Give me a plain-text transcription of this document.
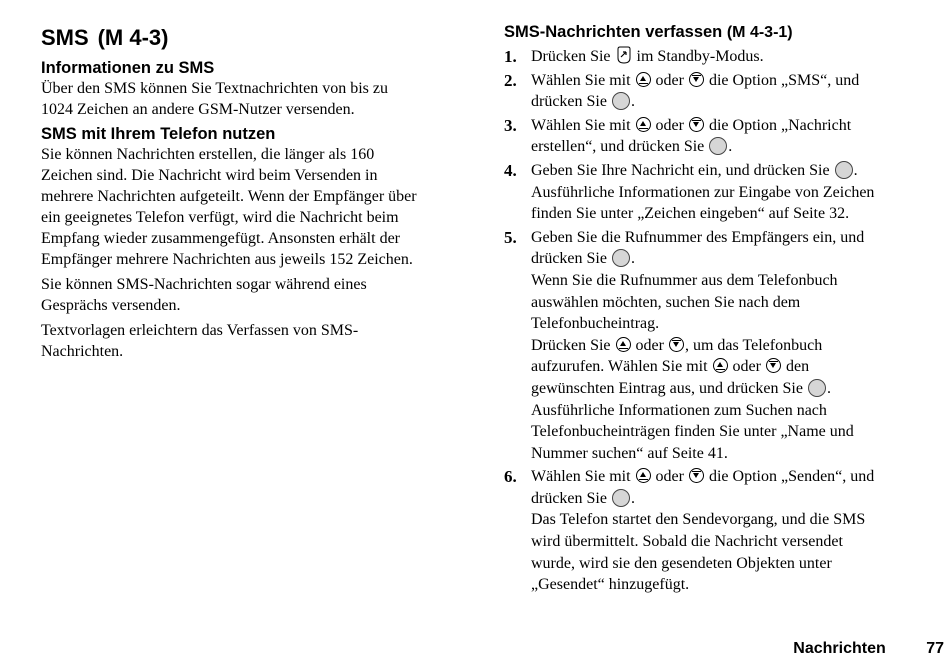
SMS (M 4-3)
Informationen zu SMS

Über den SMS können Sie Textnachrichten von bis zu
1024 Zeichen an andere GSM-Nutzer versenden.

SMS mit Ihrem Telefon nutzen

Sie können Nachrichten erstellen, die länger als 160
Zeichen sind. Die Nachricht wird beim Versenden in
mehrere Nachrichten aufgeteilt. Wenn der Empfänger über
ein geeignetes Telefon verfügt, wird die Nachricht beim
Empfang wieder zusammengefügt. Ansonsten erhält der
Empfänger mehrere Nachrichten aus jeweils 152 Zeichen.

Sie können SMS-Nachrichten sogar während eines
Gesprächs versenden.

Textvorlagen erleichtern das Verfassen von SMS-
Nachrichten.

SMS-Nachrichten verfassen (M 4-3-1)
1. Drücken Sie im Standby-Modus.
2. Wählen Sie mit oder die Option „SMS“, und
drücken Sie .
3. Wählen Sie mit oder die Option „Nachricht
erstellen“, und drücken Sie .
4. Geben Sie Ihre Nachricht ein, und drücken Sie .
Ausführliche Informationen zur Eingabe von Zeichen
finden Sie unter „Zeichen eingeben“ auf Seite 32.
5. Geben Sie die Rufnummer des Empfängers ein, und
drücken Sie .
Wenn Sie die Rufnummer aus dem Telefonbuch
auswählen möchten, suchen Sie nach dem
Telefonbucheintrag.
Drücken Sie oder , um das Telefonbuch
aufzurufen. Wählen Sie mit oder den
gewünschten Eintrag aus, und drücken Sie .
Ausführliche Informationen zum Suchen nach
Telefonbucheinträgen finden Sie unter „Name und
Nummer suchen“ auf Seite 41.
6. Wählen Sie mit oder die Option „Senden“, und
drücken Sie .
Das Telefon startet den Sendevorgang, und die SMS
wird übermittelt. Sobald die Nachricht versendet
wurde, wird sie den gesendeten Objekten unter
„Gesendet“ hinzugefügt.
Nachrichten	77
